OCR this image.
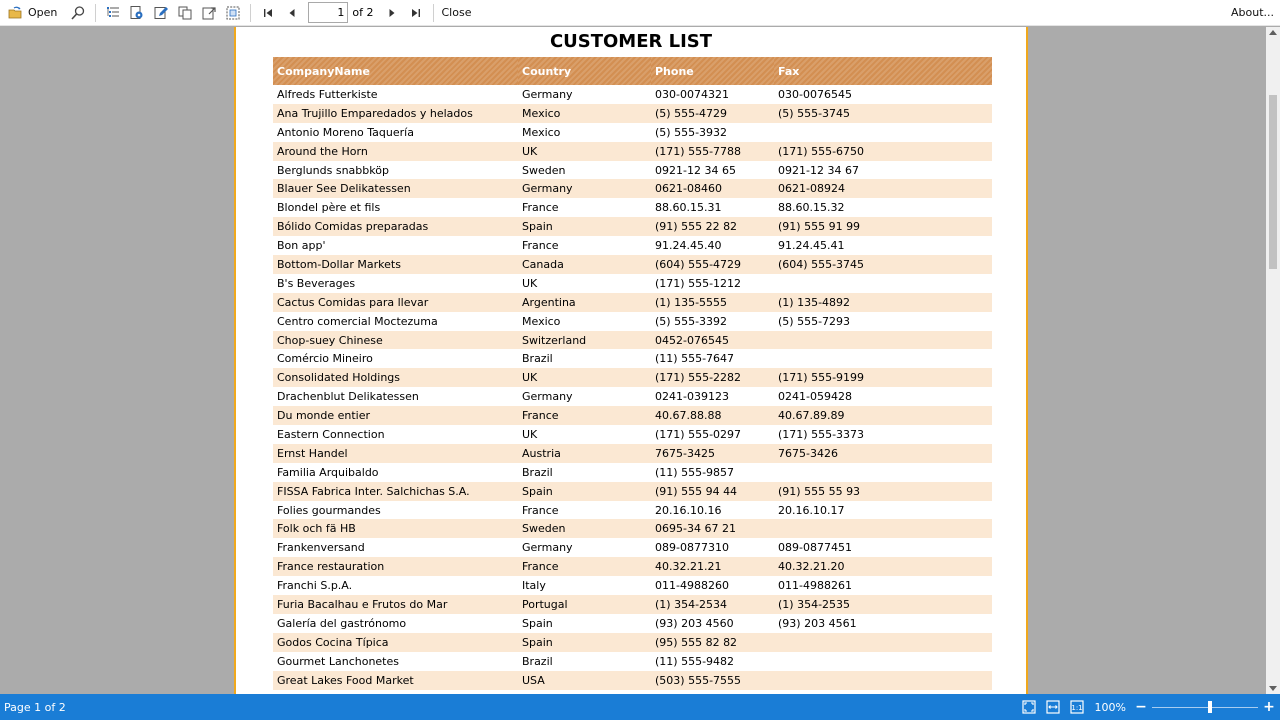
Open
1	of 2	Close	About...
CUSTOMER LIST
CompanyName	Country	Phone	Fax
Alfreds Futterkiste	Germany	030-0074321	030-0076545
Ana Trujillo Emparedados y helados	Mexico	(5) 555-4729	(5) 555-3745
Antonio Moreno Taquería	Mexico	(5) 555-3932	
Around the Horn	UK	(171) 555-7788	(171) 555-6750
Berglunds snabbköp	Sweden	0921-12 34 65	0921-12 34 67
Blauer See Delikatessen	Germany	0621-08460	0621-08924
Blondel père et fils	France	88.60.15.31	88.60.15.32
Bólido Comidas preparadas	Spain	(91) 555 22 82	(91) 555 91 99
Bon app'	France	91.24.45.40	91.24.45.41
Bottom-Dollar Markets	Canada	(604) 555-4729	(604) 555-3745
B's Beverages	UK	(171) 555-1212	
Cactus Comidas para llevar	Argentina	(1) 135-5555	(1) 135-4892
Centro comercial Moctezuma	Mexico	(5) 555-3392	(5) 555-7293
Chop-suey Chinese	Switzerland	0452-076545	
Comércio Mineiro	Brazil	(11) 555-7647	
Consolidated Holdings	UK	(171) 555-2282	(171) 555-9199
Drachenblut Delikatessen	Germany	0241-039123	0241-059428
Du monde entier	France	40.67.88.88	40.67.89.89
Eastern Connection	UK	(171) 555-0297	(171) 555-3373
Ernst Handel	Austria	7675-3425	7675-3426
Familia Arquibaldo	Brazil	(11) 555-9857	
FISSA Fabrica Inter. Salchichas S.A.	Spain	(91) 555 94 44	(91) 555 55 93
Folies gourmandes	France	20.16.10.16	20.16.10.17
Folk och fä HB	Sweden	0695-34 67 21	
Frankenversand	Germany	089-0877310	089-0877451
France restauration	France	40.32.21.21	40.32.21.20
Franchi S.p.A.	Italy	011-4988260	011-4988261
Furia Bacalhau e Frutos do Mar	Portugal	(1) 354-2534	(1) 354-2535
Galería del gastrónomo	Spain	(93) 203 4560	(93) 203 4561
Godos Cocina Típica	Spain	(95) 555 82 82	
Gourmet Lanchonetes	Brazil	(11) 555-9482	
Great Lakes Food Market	USA	(503) 555-7555	
Page 1 of 2	1:1 100% −	+
